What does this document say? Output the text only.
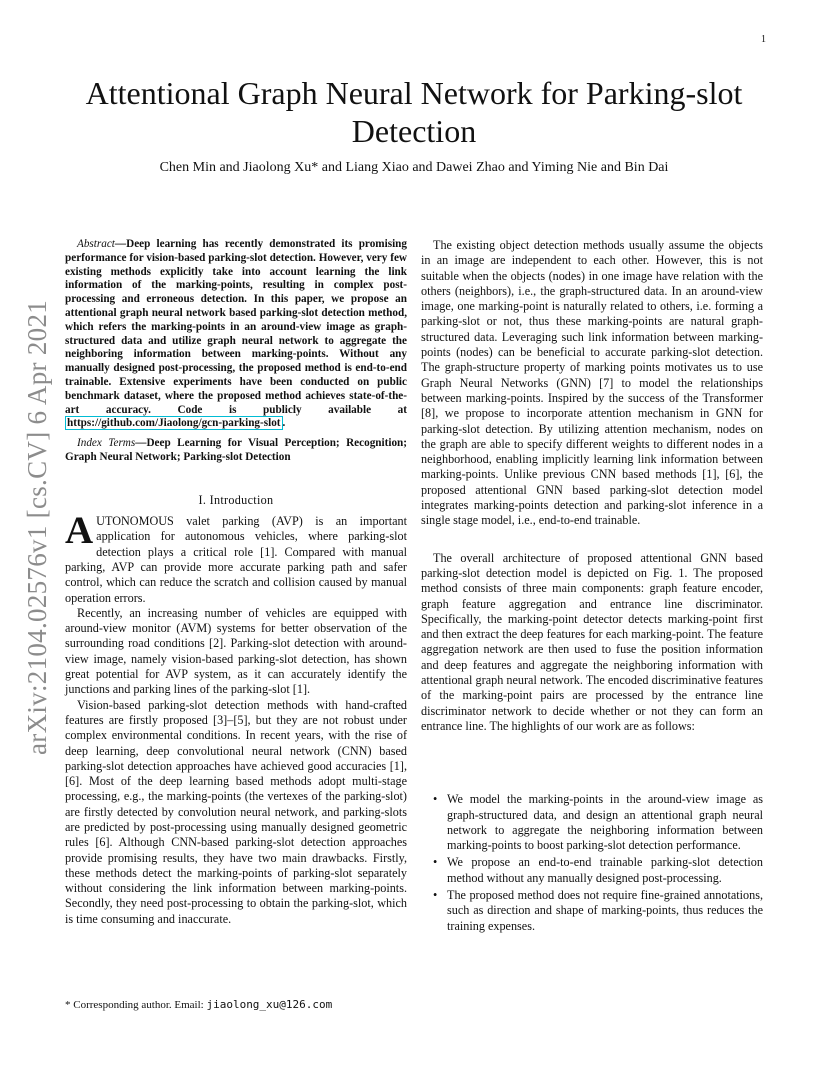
1
arXiv:2104.02576v1 [cs.CV] 6 Apr 2021
Attentional Graph Neural Network for Parking-slot Detection
Chen Min and Jiaolong Xu* and Liang Xiao and Dawei Zhao and Yiming Nie and Bin Dai

Abstract—Deep learning has recently demonstrated its promising performance for vision-based parking-slot detection. However, very few existing methods explicitly take into account learning the link information of the marking-points, resulting in complex post-processing and erroneous detection. In this paper, we propose an attentional graph neural network based parking-slot detection method, which refers the marking-points in an around-view image as graph-structured data and utilize graph neural network to aggregate the neighboring information between marking-points. Without any manually designed post-processing, the proposed method is end-to-end trainable. Extensive experiments have been conducted on public benchmark dataset, where the proposed method achieves state-of-the-art accuracy. Code is publicly available at https://github.com/Jiaolong/gcn-parking-slot .

Index Terms—Deep Learning for Visual Perception; Recognition; Graph Neural Network; Parking-slot Detection

I. Introduction

AUTONOMOUS valet parking (AVP) is an important application for autonomous vehicles, where parking-slot detection plays a critical role [1]. Compared with manual parking, AVP can provide more accurate parking path and safer control, which can reduce the scratch and collision caused by manual operation errors.

Recently, an increasing number of vehicles are equipped with around-view monitor (AVM) systems for better observation of the surrounding road conditions [2]. Parking-slot detection with around-view image, namely vision-based parking-slot detection, has shown great potential for AVP system, as it can accurately identify the junctions and parking lines of the parking-slot [1].

Vision-based parking-slot detection methods with hand-crafted features are firstly proposed [3]–[5], but they are not robust under complex environmental conditions. In recent years, with the rise of deep learning, deep convolutional neural network (CNN) based parking-slot detection approaches have achieved good accuracies [1], [6]. Most of the deep learning based methods adopt multi-stage processing, e.g., the marking-points (the vertexes of the parking-slot) are firstly detected by convolution neural network, and parking-slots are predicted by post-processing using manually designed geometric rules [6]. Although CNN-based parking-slot detection approaches provide promising results, they have two main drawbacks. Firstly, these methods detect the marking-points of parking-slot separately without considering the link information between marking-points. Secondly, they need post-processing to obtain the parking-slot, which is time consuming and inaccurate.

* Corresponding author. Email: jiaolong_xu@126.com

The existing object detection methods usually assume the objects in an image are independent to each other. However, this is not suitable when the objects (nodes) in one image have relation with the others (neighbors), i.e., the graph-structured data. In an around-view image, one marking-point is naturally related to others, i.e. forming a parking-slot or not, thus these marking-points are natural graph-structured data. Leveraging such link information between marking-points (nodes) can be beneficial to accurate parking-slot detection. The graph-structure property of marking points motivates us to use Graph Neural Networks (GNN) [7] to model the relationships between marking-points. Inspired by the success of the Transformer [8], we propose to incorporate attention mechanism in GNN for parking-slot detection. By utilizing attention mechanism, nodes on the graph are able to specify different weights to different nodes in a neighborhood, enabling implicitly learning link information between marking-points. Unlike previous CNN based methods [1], [6], the proposed attentional GNN based parking-slot detection model integrates marking-points detection and parking-slot inference in a single stage model, i.e., end-to-end trainable.

The overall architecture of proposed attentional GNN based parking-slot detection model is depicted on Fig. 1. The proposed method consists of three main components: graph feature encoder, graph feature aggregation and entrance line discriminator. Specifically, the marking-point detector detects marking-point first and then extract the deep features for each marking-point. The feature aggregation network are then used to fuse the position information and deep features and aggregate the neighboring information with attentional graph neural network. The encoded discriminative features of the marking-point pairs are processed by the entrance line discriminator network to decide whether or not they can form an entrance line. The highlights of our work are as follows:

• We model the marking-points in the around-view image as graph-structured data, and design an attentional graph neural network to aggregate the neighboring information between marking-points to boost parking-slot detection performance.
• We propose an end-to-end trainable parking-slot detection method without any manually designed post-processing.
• The proposed method does not require fine-grained annotations, such as direction and shape of marking-points, thus reduces the training expenses.
